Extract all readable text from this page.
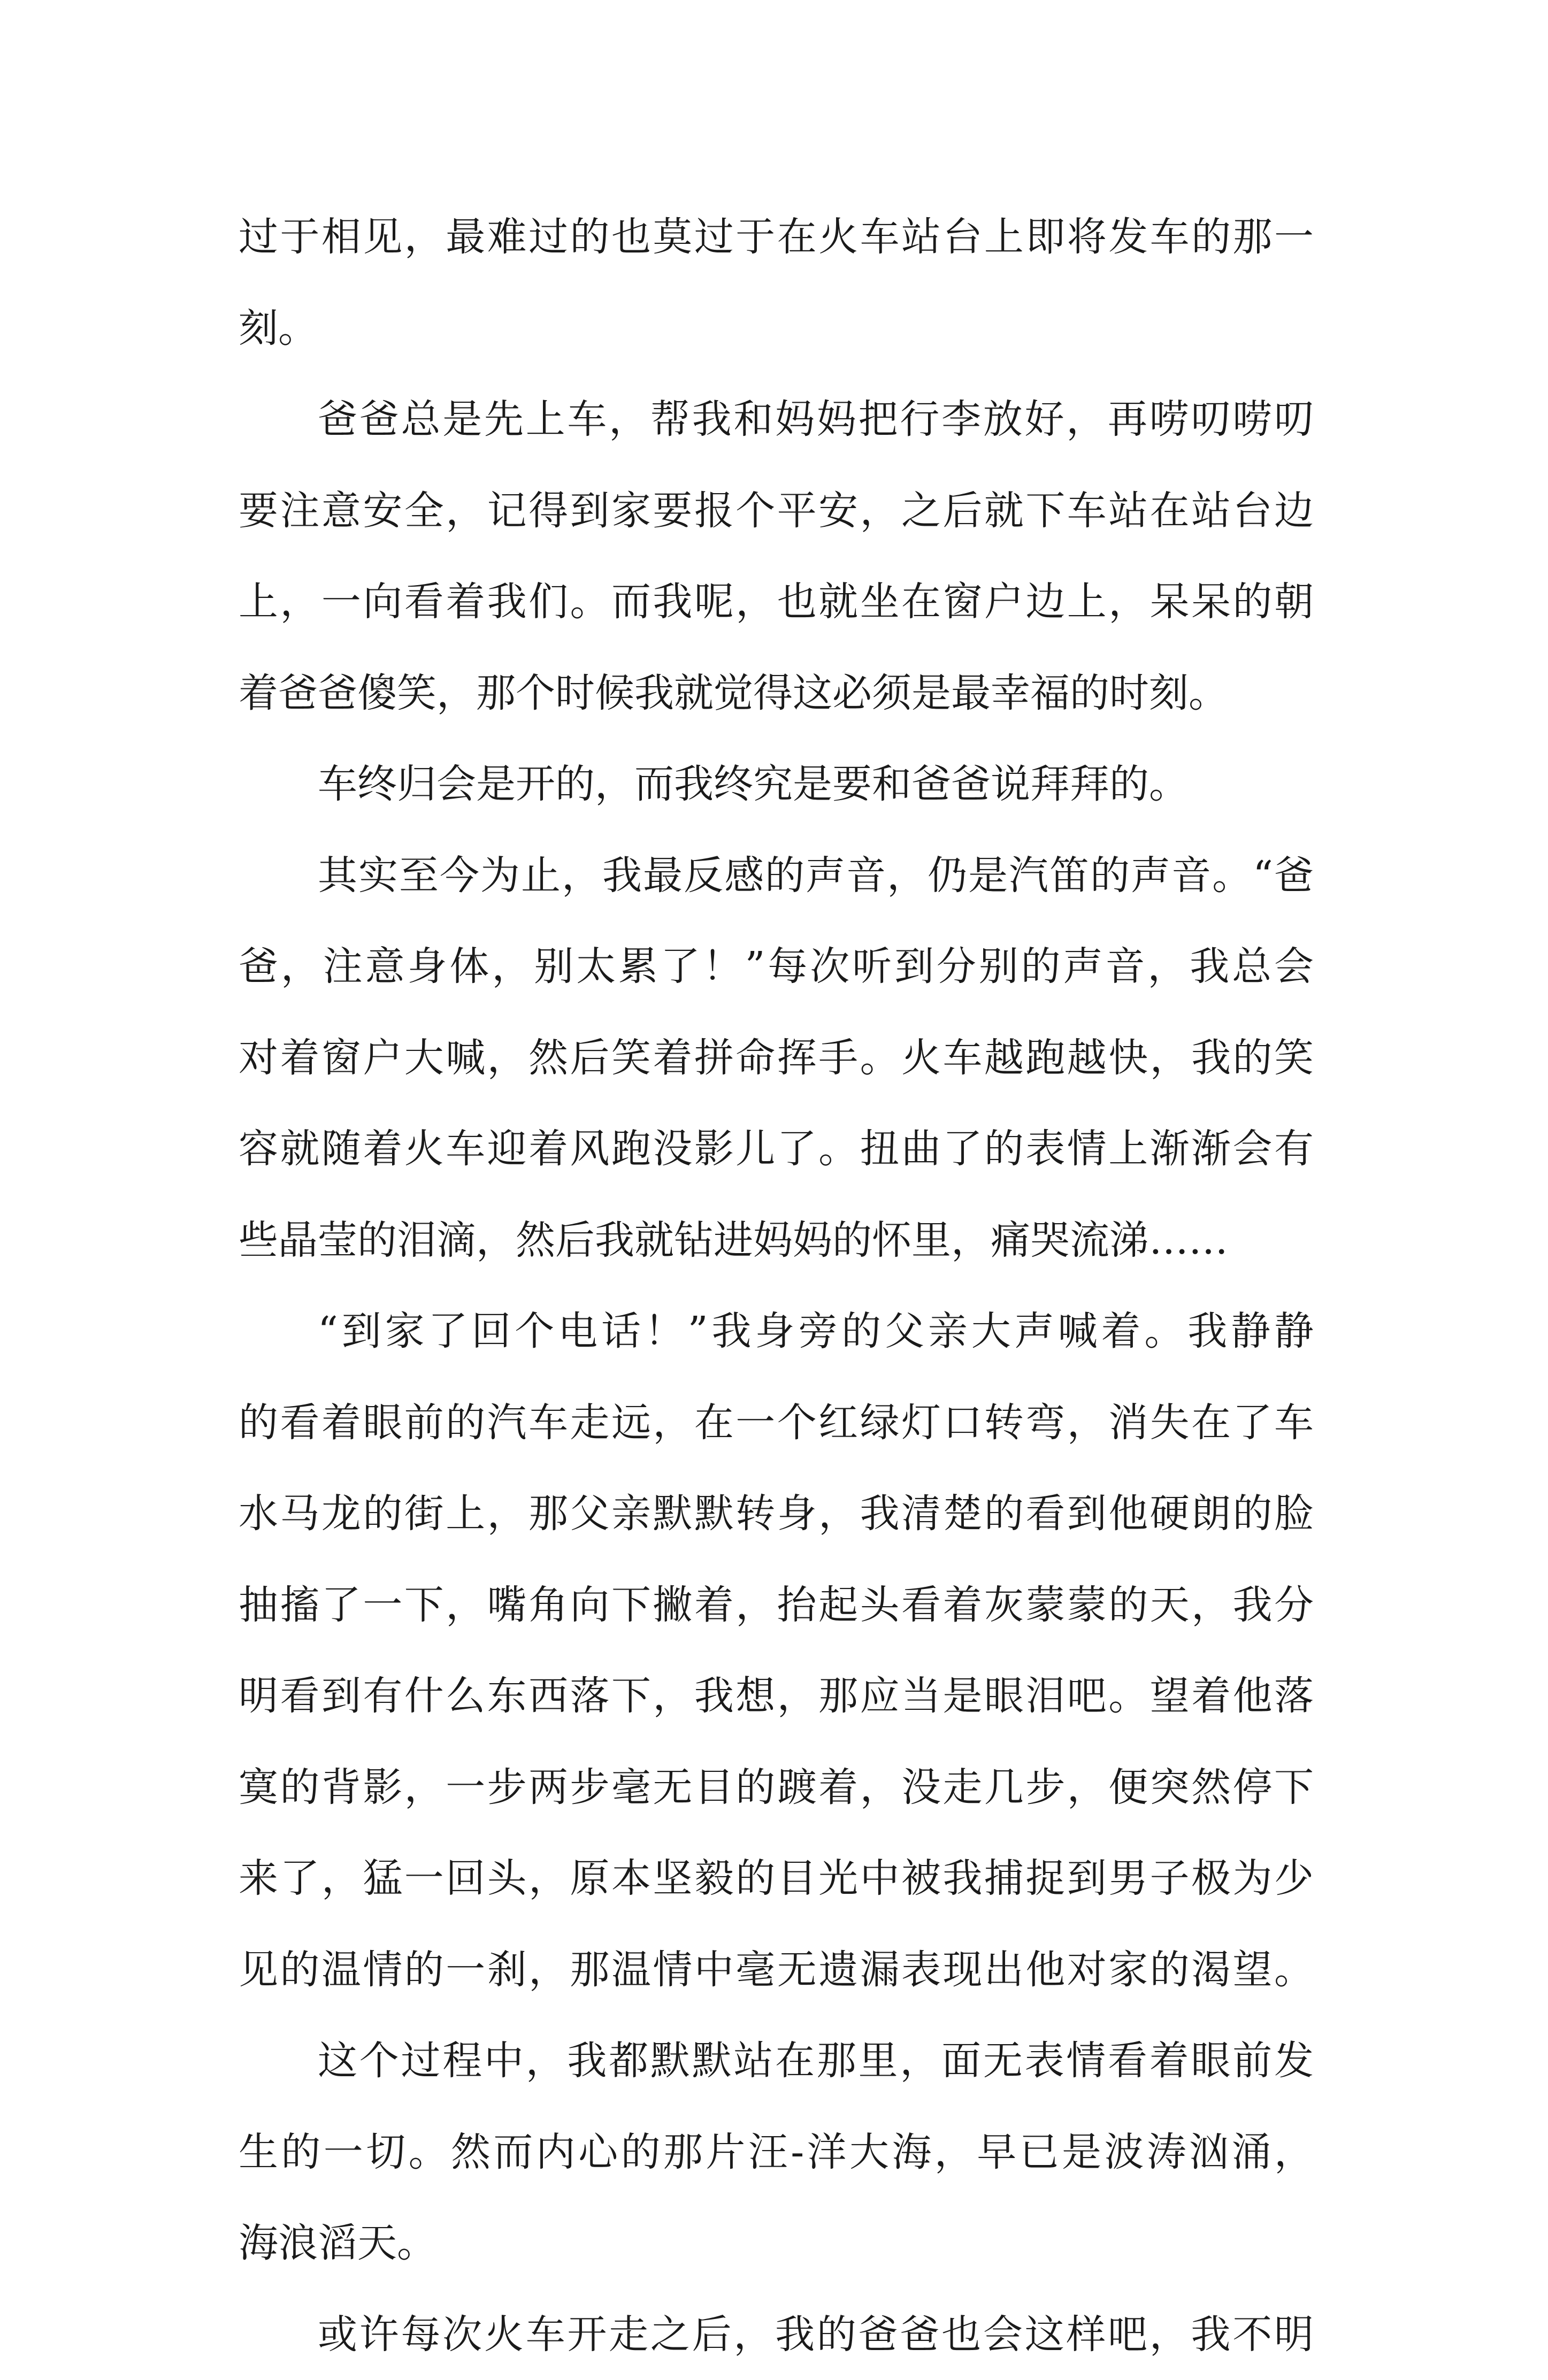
过于相见，最难过的也莫过于在火车站台上即将发车的那一
刻。
爸爸总是先上车，帮我和妈妈把行李放好，再唠叨唠叨
要注意安全，记得到家要报个平安，之后就下车站在站台边
上，一向看着我们。而我呢，也就坐在窗户边上，呆呆的朝
着爸爸傻笑，那个时候我就觉得这必须是最幸福的时刻。
车终归会是开的，而我终究是要和爸爸说拜拜的。
其实至今为止，我最反感的声音，仍是汽笛的声音。“爸
爸，注意身体，别太累了！”每次听到分别的声音，我总会
对着窗户大喊，然后笑着拼命挥手。火车越跑越快，我的笑
容就随着火车迎着风跑没影儿了。扭曲了的表情上渐渐会有
些晶莹的泪滴，然后我就钻进妈妈的怀里，痛哭流涕……
“到家了回个电话！”我身旁的父亲大声喊着。我静静
的看着眼前的汽车走远，在一个红绿灯口转弯，消失在了车
水马龙的街上，那父亲默默转身，我清楚的看到他硬朗的脸
抽搐了一下，嘴角向下撇着，抬起头看着灰蒙蒙的天，我分
明看到有什么东西落下，我想，那应当是眼泪吧。望着他落
寞的背影，一步两步毫无目的踱着，没走几步，便突然停下
来了，猛一回头，原本坚毅的目光中被我捕捉到男子极为少
见的温情的一刹，那温情中毫无遗漏表现出他对家的渴望。
这个过程中，我都默默站在那里，面无表情看着眼前发
生的一切。然而内心的那片汪-洋大海，早已是波涛汹涌，
海浪滔天。
或许每次火车开走之后，我的爸爸也会这样吧，我不明
